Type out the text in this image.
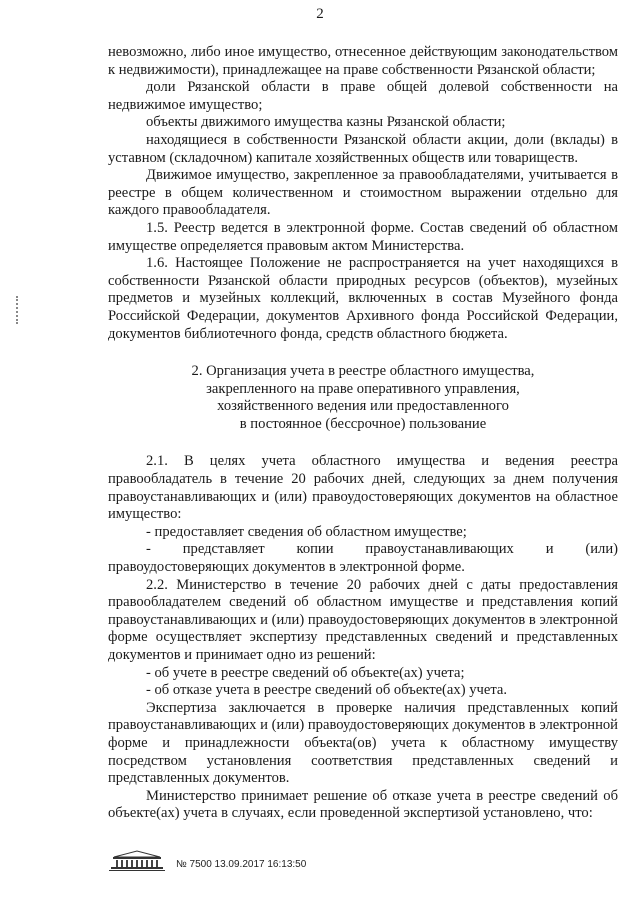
2

невозможно, либо иное имущество, отнесенное действующим законодательством к недвижимости), принадлежащее на праве собственности Рязанской области;

доли Рязанской области в праве общей долевой собственности на недвижимое имущество;

объекты движимого имущества казны Рязанской области;

находящиеся в собственности Рязанской области акции, доли (вклады) в уставном (складочном) капитале хозяйственных обществ или товариществ.

Движимое имущество, закрепленное за правообладателями, учитывается в реестре в общем количественном и стоимостном выражении отдельно для каждого правообладателя.

1.5. Реестр ведется в электронной форме. Состав сведений об областном имуществе определяется правовым актом Министерства.

1.6. Настоящее Положение не распространяется на учет находящихся в собственности Рязанской области природных ресурсов (объектов), музейных предметов и музейных коллекций, включенных в состав Музейного фонда Российской Федерации, документов Архивного фонда Российской Федерации, документов библиотечного фонда, средств областного бюджета.

2. Организация учета в реестре областного имущества,
закрепленного на праве оперативного управления,
хозяйственного ведения или предоставленного
в постоянное (бессрочное) пользование

2.1. В целях учета областного имущества и ведения реестра правообладатель в течение 20 рабочих дней, следующих за днем получения правоустанавливающих и (или) правоудостоверяющих документов на областное имущество:

- предоставляет сведения об областном имуществе;

- представляет копии правоустанавливающих и (или) правоудостоверяющих документов в электронной форме.

2.2. Министерство в течение 20 рабочих дней с даты предоставления правообладателем сведений об областном имуществе и представления копий правоустанавливающих и (или) правоудостоверяющих документов в электронной форме осуществляет экспертизу представленных сведений и представленных документов и принимает одно из решений:

- об учете в реестре сведений об объекте(ах) учета;

- об отказе учета в реестре сведений об объекте(ах) учета.

Экспертиза заключается в проверке наличия представленных копий правоустанавливающих и (или) правоудостоверяющих документов в электронной форме и принадлежности объекта(ов) учета к областному имуществу посредством установления соответствия представленных сведений и представленных документов.

Министерство принимает решение об отказе учета в реестре сведений об объекте(ах) учета в случаях, если проведенной экспертизой установлено, что:

№ 7500 13.09.2017 16:13:50
